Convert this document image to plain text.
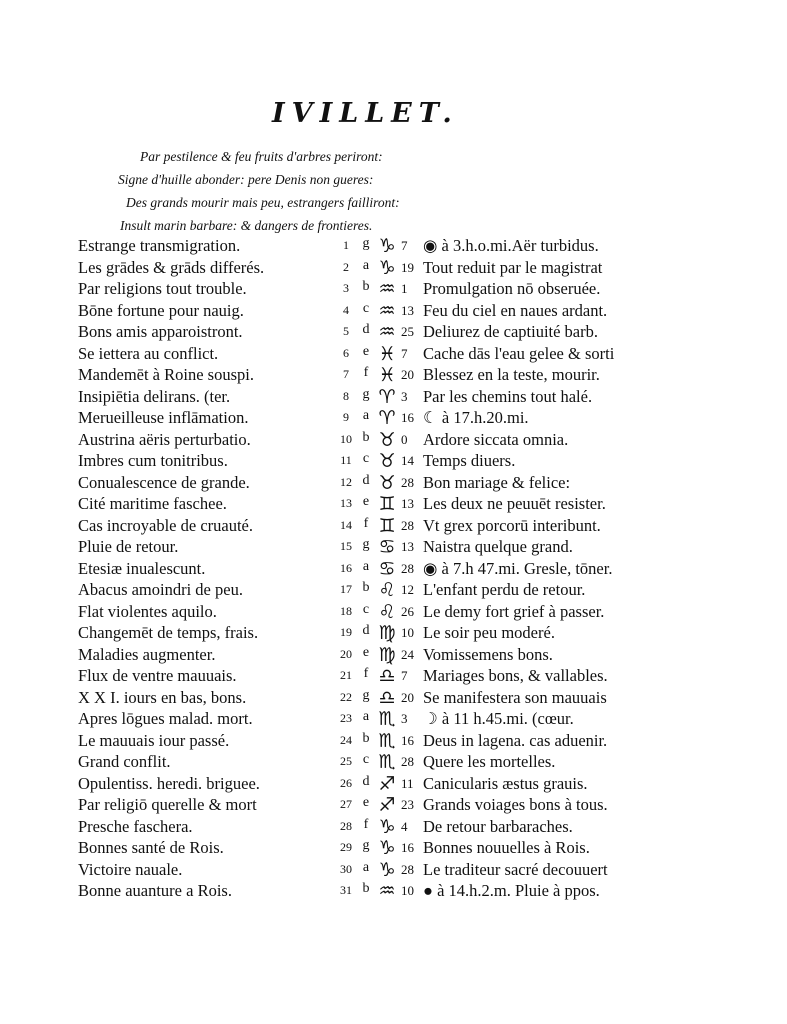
IVILLET.
Par pestilence & feu fruits d'arbres periront:
Signe d'huille abonder: pere Denis non gueres:
Des grands mourir mais peu, estrangers failliront:
Insult marin barbare: & dangers de frontieres.
Estrange transmigration.	1 g ♑ 7 ◉ à 3.h.o.mi.Aër turbidus.
Les grādes & grāds differés.	2 a ♑ 19 Tout reduit par le magistrat
Par religions tout trouble.	3 b ♒ 1 Promulgation nō obseruée.
Bōne fortune pour nauig.	4 c ♒ 13 Feu du ciel en naues ardant.
Bons amis apparoistront.	5 d ♒ 25 Deliurez de captiuité barb.
Se iettera au conflict.	6 e ♓ 7 Cache dās l'eau gelee & sorti
Mandemēt à Roine souspi.	7	f ♓ 20 Blessez en la teste, mourir.
Insipiētia delirans. (ter.	8 g ♈ 3 Par les chemins tout halé.
Merueilleuse inflāmation.	9 a ♈ 16 ☾ à 17.h.20.mi.
Austrina aëris perturbatio.	10 b ♉ 0 Ardore siccata omnia.
Imbres cum tonitribus.	11 c ♉ 14 Temps diuers.
Conualescence de grande.	12 d ♉ 28 Bon mariage & felice:
Cité maritime faschee.	13 e ♊ 13 Les deux ne peuuēt resister.
Cas incroyable de cruauté.	14 f ♊ 28 Vt grex porcorū interibunt.
Pluie de retour.	15 g ♋ 13 Naistra quelque grand.
Etesiæ inualescunt.	16 a ♋ 28 ◉ à 7.h 47.mi. Gresle, tōner.
Abacus amoindri de peu.	17 b ♌ 12 L'enfant perdu de retour.
Flat violentes aquilo.	18 c ♌ 26 Le demy fort grief à passer.
Changemēt de temps, frais.	19 d ♍ 10 Le soir peu moderé.
Maladies augmenter.	20 e ♍ 24 Vomissemens bons.
Flux de ventre mauuais.	21 f ♎ 7 Mariages bons, & vallables.
X X I. iours en bas, bons.	22 g ♎ 20 Se manifestera son mauuais
Apres lōgues malad. mort.	23 a ♏ 3 ☽ à 11 h.45.mi. (cœur.
Le mauuais iour passé.	24 b ♏ 16 Deus in lagena. cas aduenir.
Grand conflit.	25 c ♏ 28 Quere les mortelles.
Opulentiss. heredi. briguee.	26 d ♐ 11 Canicularis æstus grauis.
Par religiō querelle & mort	27 e ♐ 23 Grands voiages bons à tous.
Presche faschera.	28 f ♑ 4 De retour barbaraches.
Bonnes santé de Rois.	29 g ♑ 16 Bonnes nouuelles à Rois.
Victoire nauale.	30 a ♑ 28 Le traditeur sacré decouuert
Bonne auanture a Rois.	31 b ♒ 10 ● à 14.h.2.m. Pluie à ppos.
